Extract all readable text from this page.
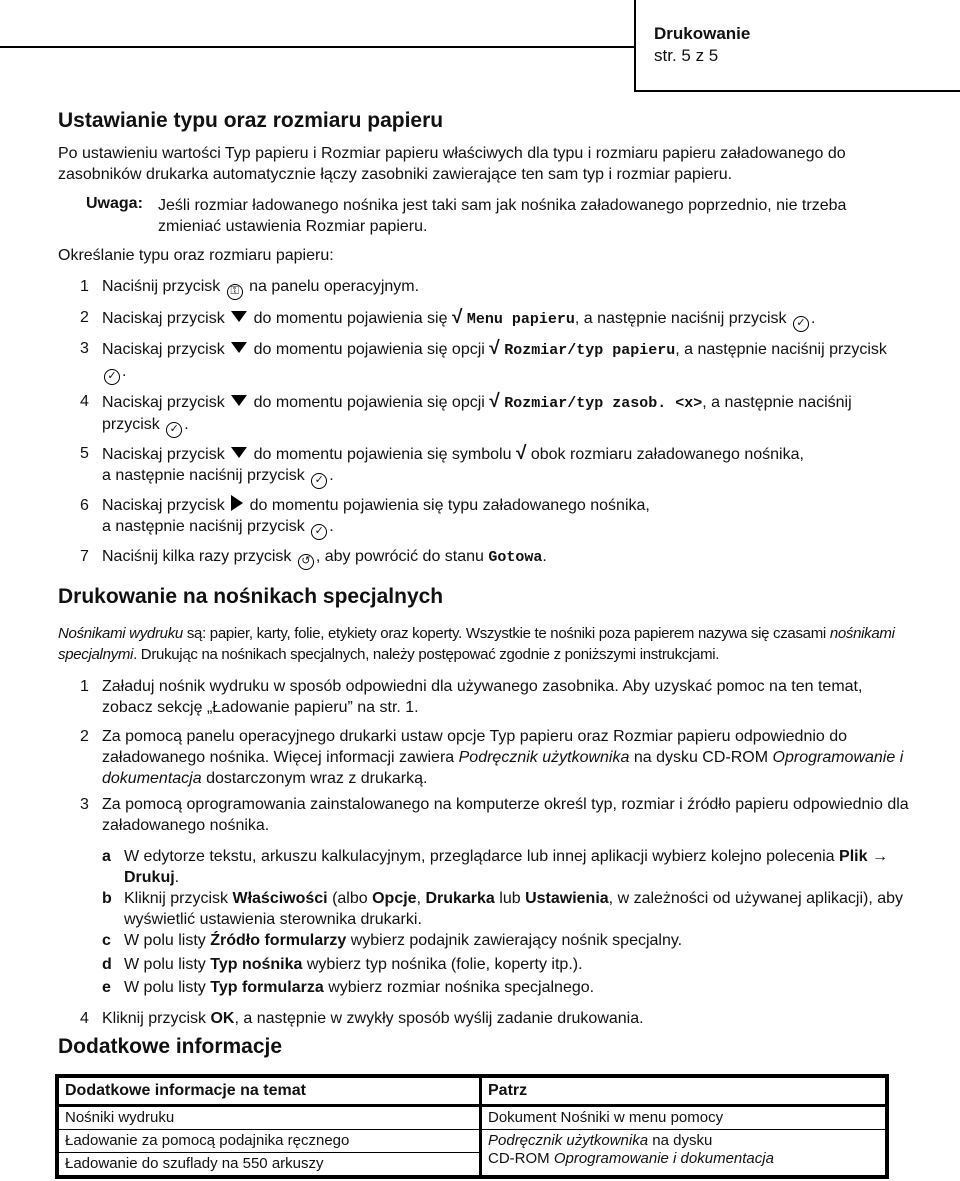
Drukowanie
str. 5 z 5
Ustawianie typu oraz rozmiaru papieru
Po ustawieniu wartości Typ papieru i Rozmiar papieru właściwych dla typu i rozmiaru papieru załadowanego do zasobników drukarka automatycznie łączy zasobniki zawierające ten sam typ i rozmiar papieru.
Uwaga: Jeśli rozmiar ładowanego nośnika jest taki sam jak nośnika załadowanego poprzednio, nie trzeba zmieniać ustawienia Rozmiar papieru.
Określanie typu oraz rozmiaru papieru:
1 Naciśnij przycisk ⚿ na panelu operacyjnym.
2 Naciskaj przycisk do momentu pojawienia się √ Menu papieru, a następnie naciśnij przycisk ✓ .
3 Naciskaj przycisk do momentu pojawienia się opcji √ Rozmiar/typ papieru, a następnie naciśnij przycisk ✓ .
4 Naciskaj przycisk do momentu pojawienia się opcji √ Rozmiar/typ zasob. <x>, a następnie naciśnij przycisk ✓ .
5 Naciskaj przycisk do momentu pojawienia się symbolu √ obok rozmiaru załadowanego nośnika,
a następnie naciśnij przycisk ✓ .
6 Naciskaj przycisk do momentu pojawienia się typu załadowanego nośnika,
a następnie naciśnij przycisk ✓ .
7 Naciśnij kilka razy przycisk ↺ , aby powrócić do stanu Gotowa.
Drukowanie na nośnikach specjalnych
Nośnikami wydruku są: papier, karty, folie, etykiety oraz koperty. Wszystkie te nośniki poza papierem nazywa się czasami nośnikami specjalnymi. Drukując na nośnikach specjalnych, należy postępować zgodnie z poniższymi instrukcjami.
1 Załaduj nośnik wydruku w sposób odpowiedni dla używanego zasobnika. Aby uzyskać pomoc na ten temat, zobacz sekcję „Ładowanie papieru” na str. 1.
2 Za pomocą panelu operacyjnego drukarki ustaw opcje Typ papieru oraz Rozmiar papieru odpowiednio do załadowanego nośnika. Więcej informacji zawiera Podręcznik użytkownika na dysku CD-ROM Oprogramowanie i dokumentacja dostarczonym wraz z drukarką.
3 Za pomocą oprogramowania zainstalowanego na komputerze określ typ, rozmiar i źródło papieru odpowiednio dla załadowanego nośnika.
a W edytorze tekstu, arkuszu kalkulacyjnym, przeglądarce lub innej aplikacji wybierz kolejno polecenia Plik → Drukuj.
b Kliknij przycisk Właściwości (albo Opcje, Drukarka lub Ustawienia, w zależności od używanej aplikacji), aby wyświetlić ustawienia sterownika drukarki.
c W polu listy Źródło formularzy wybierz podajnik zawierający nośnik specjalny.
d W polu listy Typ nośnika wybierz typ nośnika (folie, koperty itp.).
e W polu listy Typ formularza wybierz rozmiar nośnika specjalnego.
4 Kliknij przycisk OK, a następnie w zwykły sposób wyślij zadanie drukowania.
Dodatkowe informacje
Dodatkowe informacje na temat	Patrz
Nośniki wydruku	Dokument Nośniki w menu pomocy
Ładowanie za pomocą podajnika ręcznego	Podręcznik użytkownika na dysku
CD-ROM Oprogramowanie i dokumentacja
Ładowanie do szuflady na 550 arkuszy	
